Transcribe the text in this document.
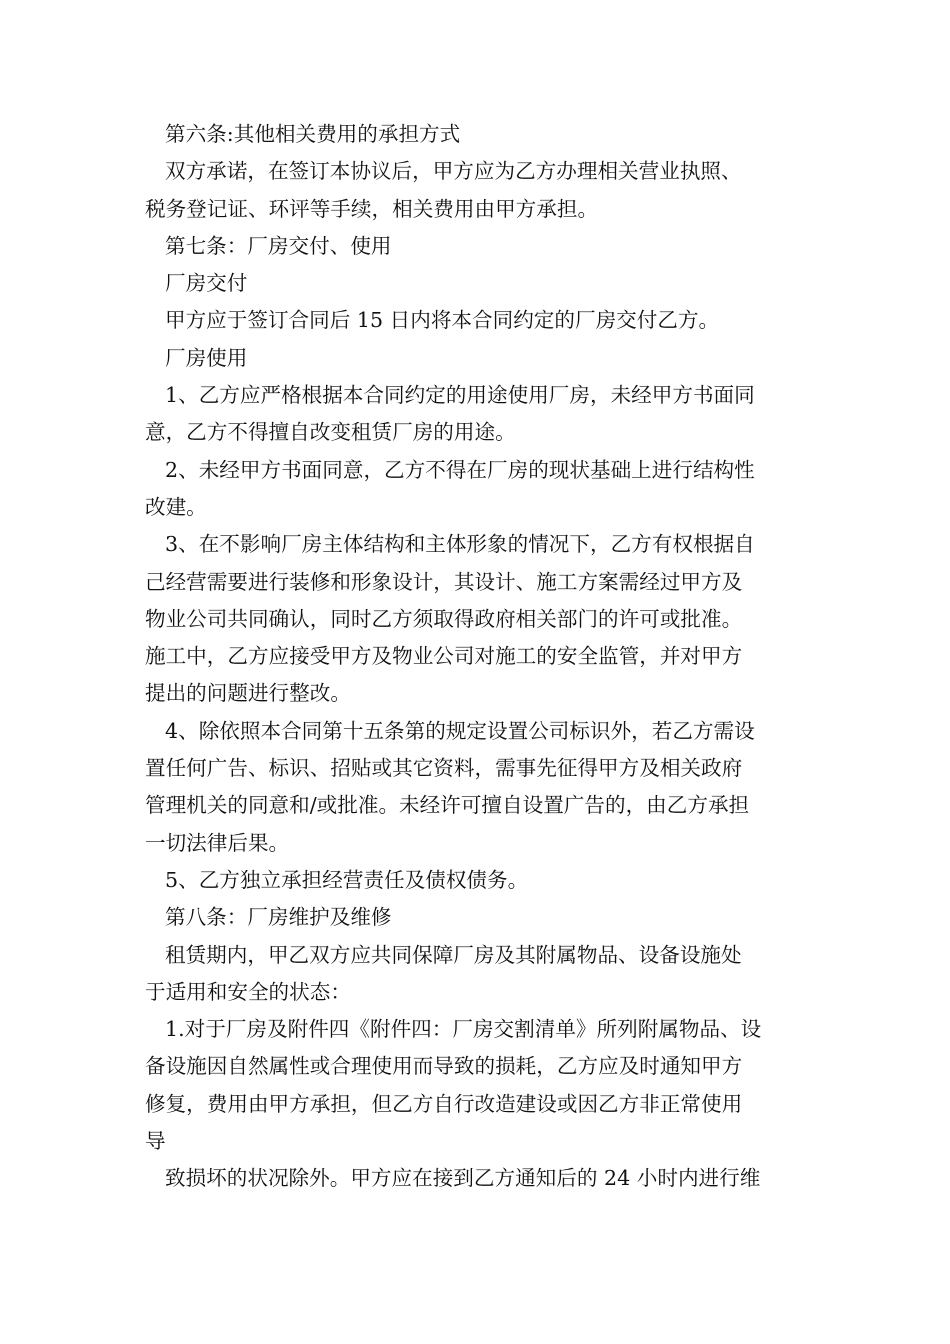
第六条:其他相关费用的承担方式
双方承诺，在签订本协议后，甲方应为乙方办理相关营业执照、
税务登记证、环评等手续，相关费用由甲方承担。
第七条：厂房交付、使用
厂房交付
甲方应于签订合同后 15 日内将本合同约定的厂房交付乙方。
厂房使用
1、乙方应严格根据本合同约定的用途使用厂房，未经甲方书面同
意，乙方不得擅自改变租赁厂房的用途。
2、未经甲方书面同意，乙方不得在厂房的现状基础上进行结构性
改建。
3、在不影响厂房主体结构和主体形象的情况下，乙方有权根据自
己经营需要进行装修和形象设计，其设计、施工方案需经过甲方及
物业公司共同确认，同时乙方须取得政府相关部门的许可或批准。
施工中，乙方应接受甲方及物业公司对施工的安全监管，并对甲方
提出的问题进行整改。
4、除依照本合同第十五条第的规定设置公司标识外，若乙方需设
置任何广告、标识、招贴或其它资料，需事先征得甲方及相关政府
管理机关的同意和/或批准。未经许可擅自设置广告的，由乙方承担
一切法律后果。
5、乙方独立承担经营责任及债权债务。
第八条：厂房维护及维修
租赁期内，甲乙双方应共同保障厂房及其附属物品、设备设施处
于适用和安全的状态：
1.对于厂房及附件四《附件四：厂房交割清单》所列附属物品、设
备设施因自然属性或合理使用而导致的损耗，乙方应及时通知甲方
修复，费用由甲方承担，但乙方自行改造建设或因乙方非正常使用
导
致损坏的状况除外。甲方应在接到乙方通知后的 24 小时内进行维
